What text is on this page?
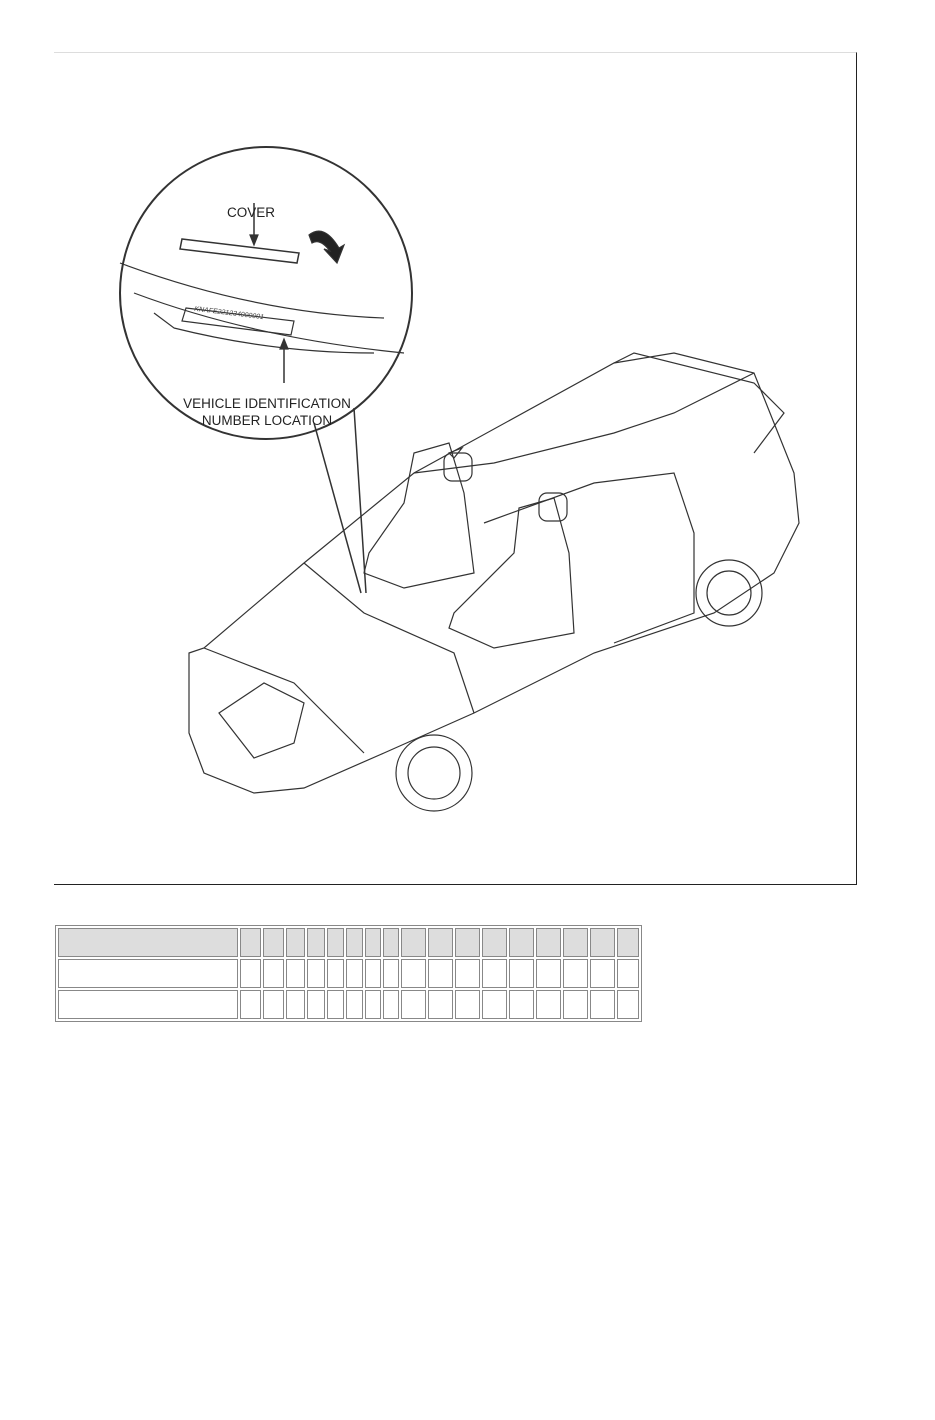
COVER
VEHICLE IDENTIFICATION
NUMBER LOCATION
KNAFE221234000001
